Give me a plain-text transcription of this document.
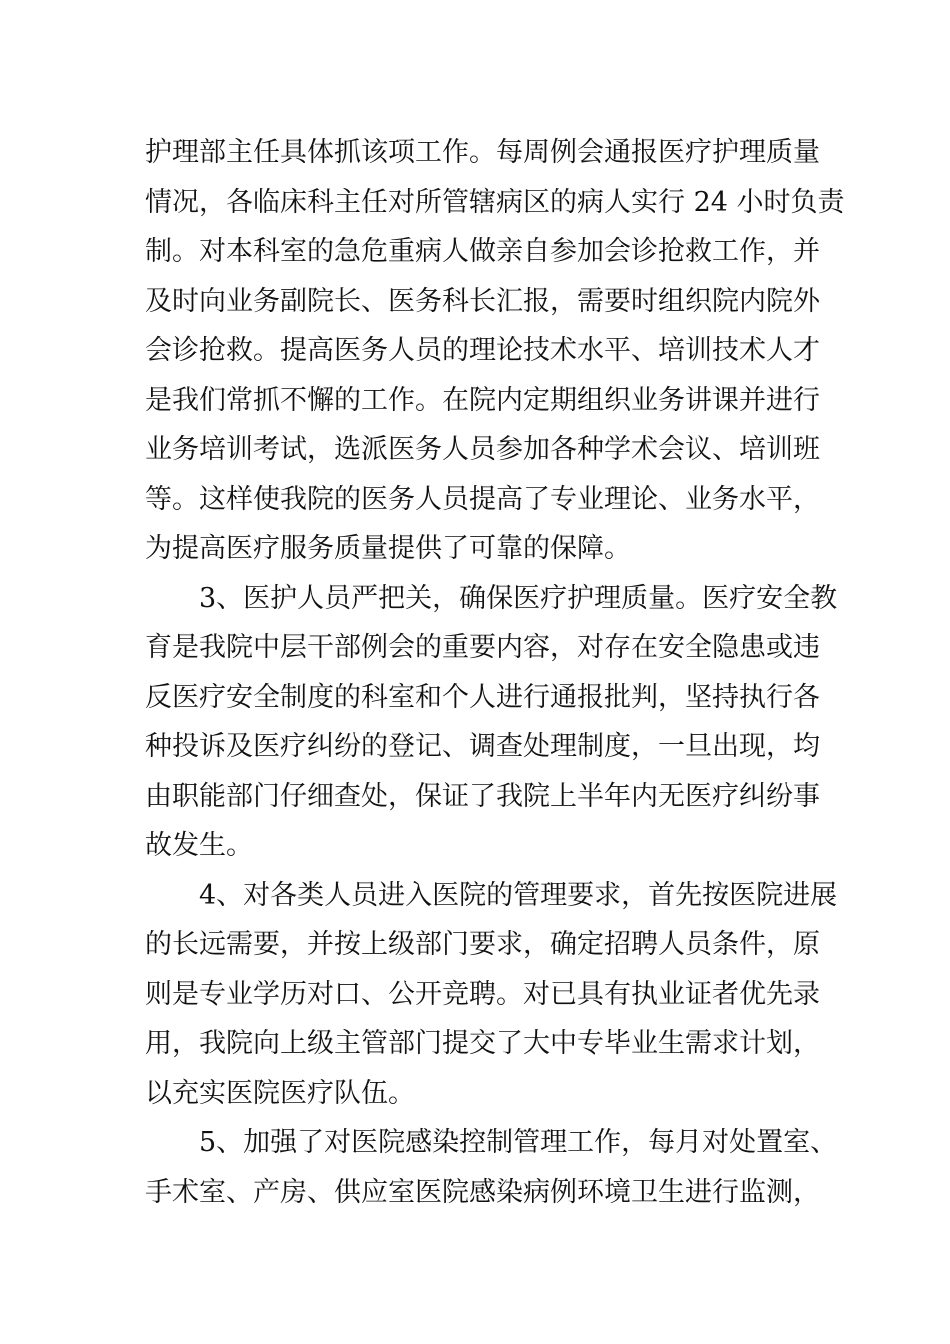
护理部主任具体抓该项工作。每周例会通报医疗护理质量
情况，各临床科主任对所管辖病区的病人实行 24 小时负责
制。对本科室的急危重病人做亲自参加会诊抢救工作，并
及时向业务副院长、医务科长汇报，需要时组织院内院外
会诊抢救。提高医务人员的理论技术水平、培训技术人才
是我们常抓不懈的工作。在院内定期组织业务讲课并进行
业务培训考试，选派医务人员参加各种学术会议、培训班
等。这样使我院的医务人员提高了专业理论、业务水平，
为提高医疗服务质量提供了可靠的保障。
3、医护人员严把关，确保医疗护理质量。医疗安全教
育是我院中层干部例会的重要内容，对存在安全隐患或违
反医疗安全制度的科室和个人进行通报批判，坚持执行各
种投诉及医疗纠纷的登记、调查处理制度，一旦出现，均
由职能部门仔细查处，保证了我院上半年内无医疗纠纷事
故发生。
4、对各类人员进入医院的管理要求，首先按医院进展
的长远需要，并按上级部门要求，确定招聘人员条件，原
则是专业学历对口、公开竞聘。对已具有执业证者优先录
用，我院向上级主管部门提交了大中专毕业生需求计划，
以充实医院医疗队伍。
5、加强了对医院感染控制管理工作，每月对处置室、
手术室、产房、供应室医院感染病例环境卫生进行监测，
